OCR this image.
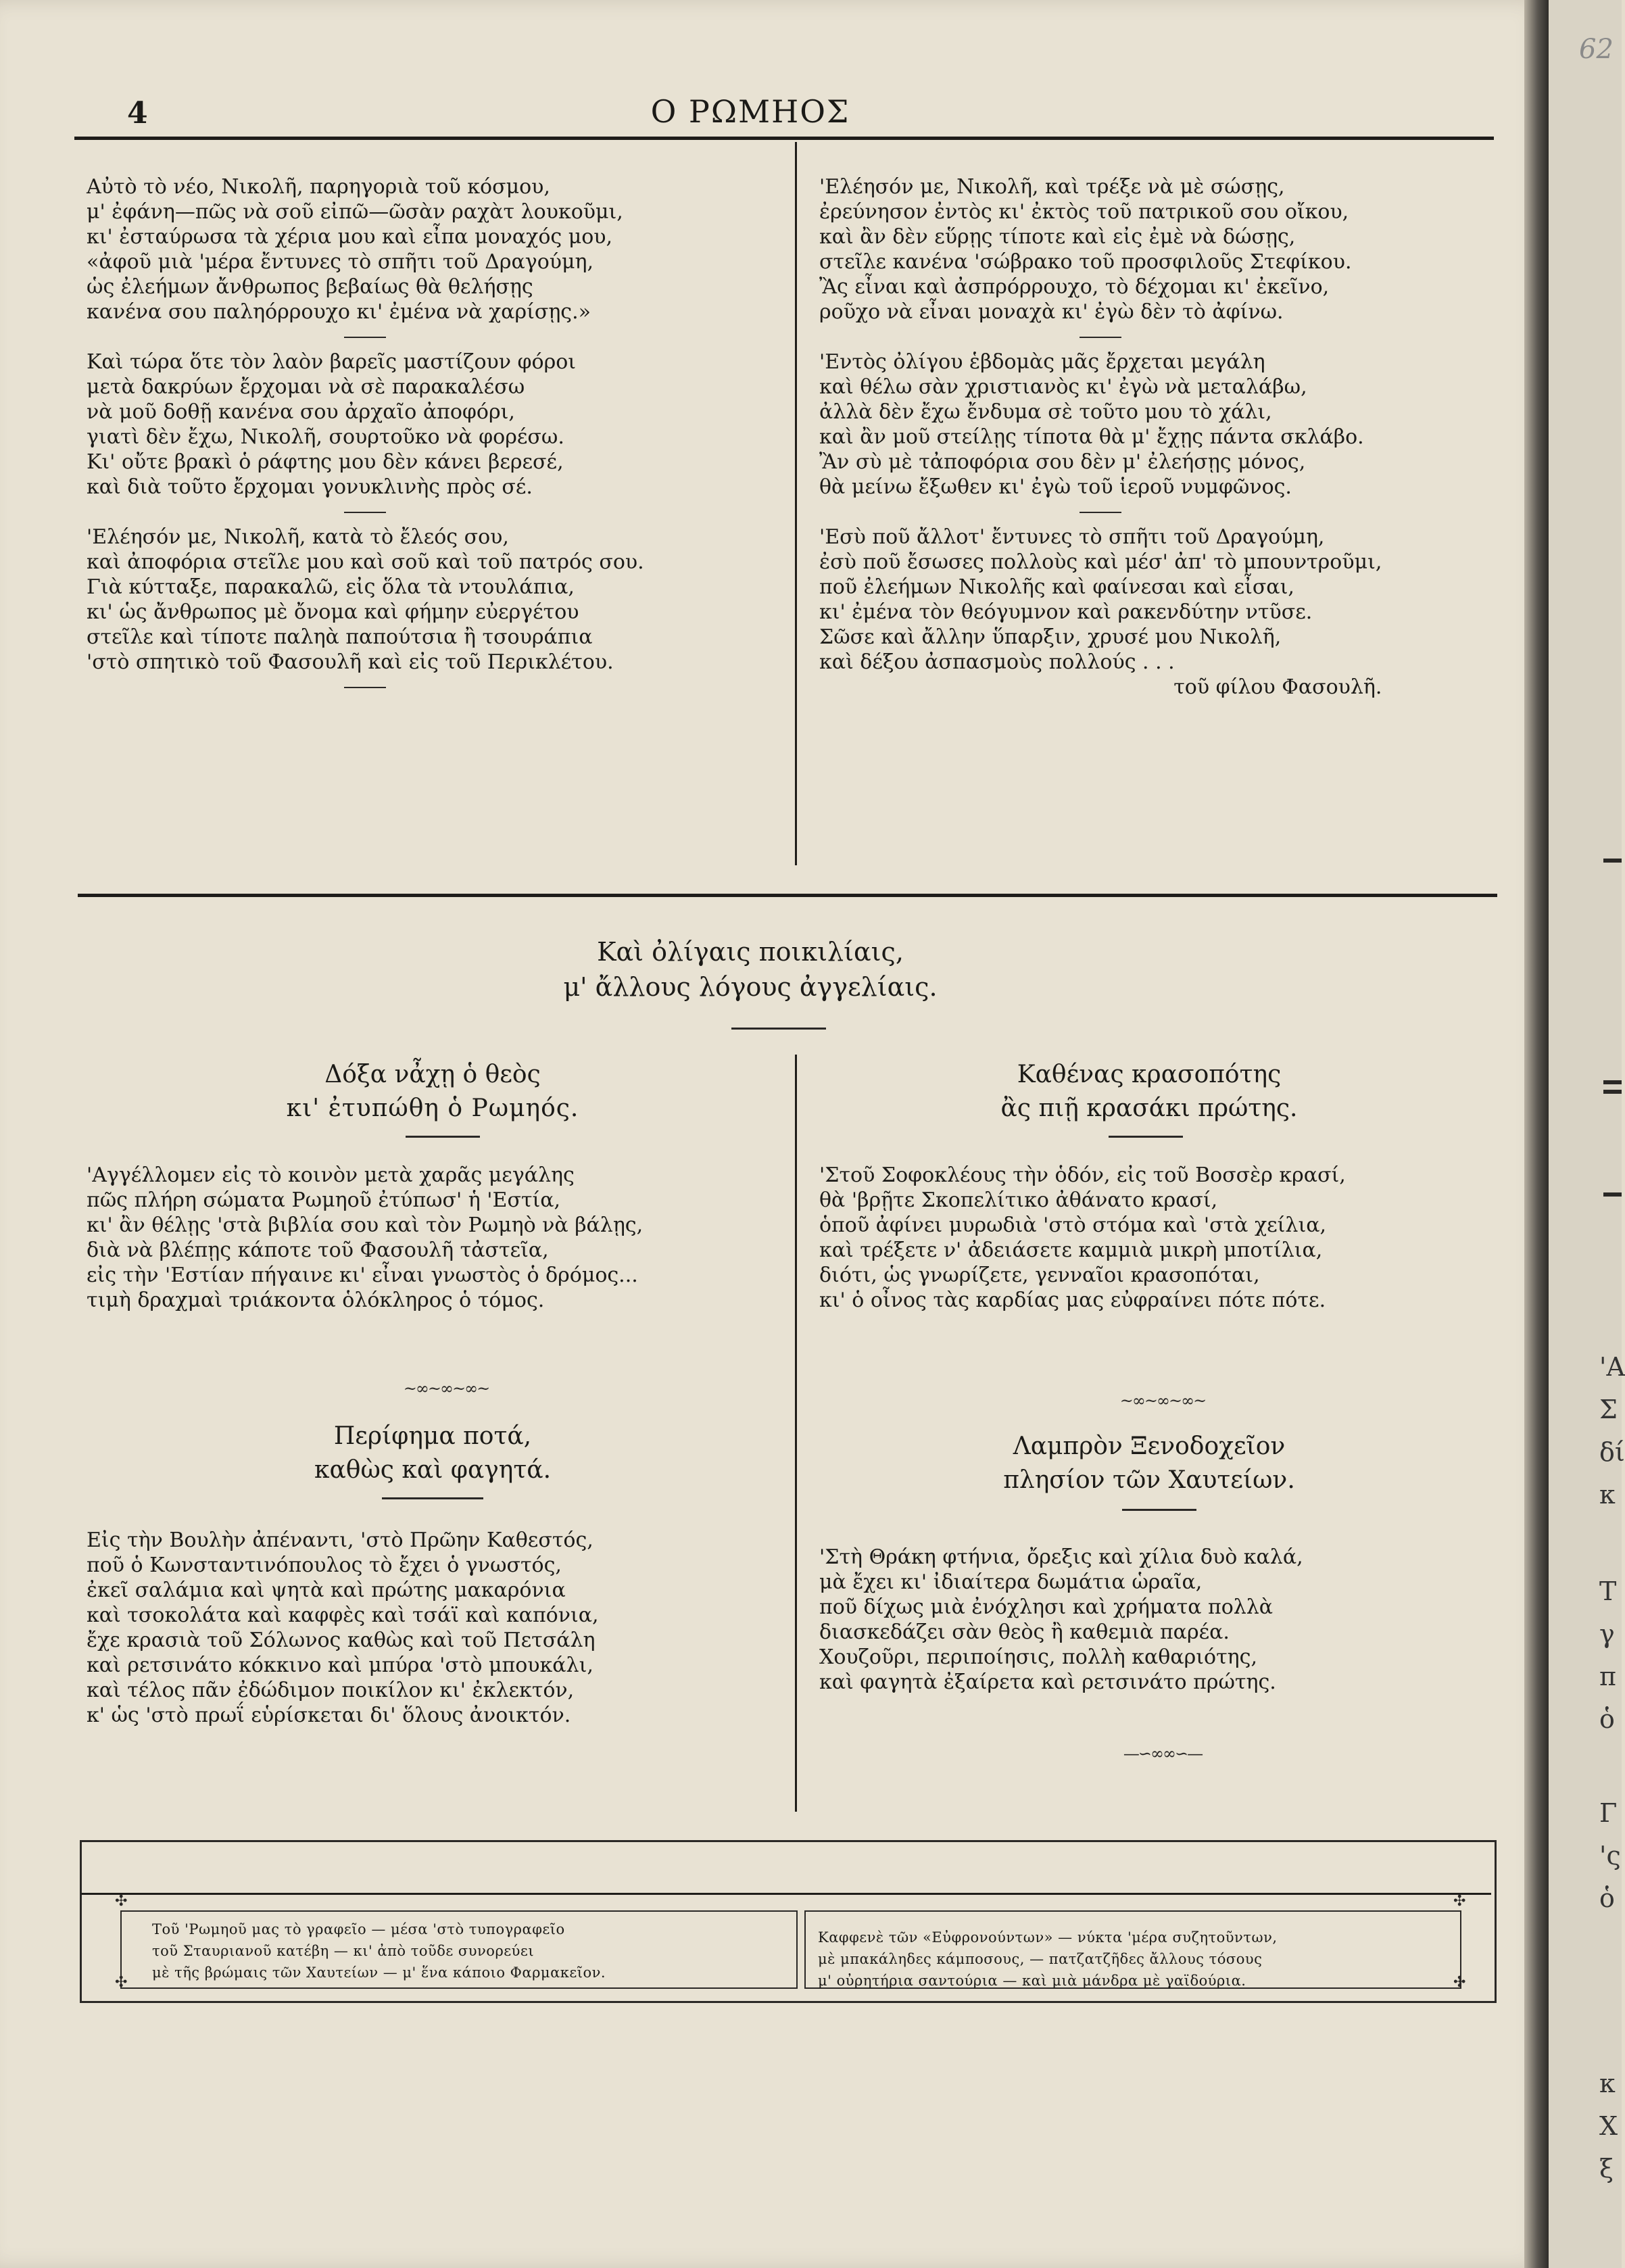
62
4	Ο ΡΩΜΗΟΣ
Αὐτὸ τὸ νέο, Νικολῆ, παρηγοριὰ τοῦ κόσμου,
μ' ἐφάνη—πῶς νὰ σοῦ εἰπῶ—ῶσὰν ραχὰτ λουκοῦμι,
κι' ἐσταύρωσα τὰ χέρια μου καὶ εἶπα μοναχός μου,
«ἀφοῦ μιὰ 'μέρα ἔντυνες τὸ σπῆτι τοῦ Δραγούμη,
ὡς ἐλεήμων ἄνθρωπος βεβαίως θὰ θελήσῃς
κανένα σου παληόρρουχο κι' ἐμένα νὰ χαρίσῃς.»
Καὶ τώρα ὅτε τὸν λαὸν βαρεῖς μαστίζουν φόροι
μετὰ δακρύων ἔρχομαι νὰ σὲ παρακαλέσω
νὰ μοῦ δοθῇ κανένα σου ἀρχαῖο ἀποφόρι,
γιατὶ δὲν ἔχω, Νικολῆ, σουρτοῦκο νὰ φορέσω.
Κι' οὔτε βρακὶ ὁ ράφτης μου δὲν κάνει βερεσέ,
καὶ διὰ τοῦτο ἔρχομαι γονυκλινὴς πρὸς σέ.
'Ελέησόν με, Νικολῆ, κατὰ τὸ ἔλεός σου,
καὶ ἀποφόρια στεῖλε μου καὶ σοῦ καὶ τοῦ πατρός σου.
Γιὰ κύτταξε, παρακαλῶ, εἰς ὅλα τὰ ντουλάπια,
κι' ὡς ἄνθρωπος μὲ ὄνομα καὶ φήμην εὐεργέτου
στεῖλε καὶ τίποτε παληὰ παπούτσια ἢ τσουράπια
'στὸ σπητικὸ τοῦ Φασουλῆ καὶ εἰς τοῦ Περικλέτου.
'Ελέησόν με, Νικολῆ, καὶ τρέξε νὰ μὲ σώσῃς,
ἐρεύνησον ἐντὸς κι' ἐκτὸς τοῦ πατρικοῦ σου οἴκου,
καὶ ἂν δὲν εὕρῃς τίποτε καὶ εἰς ἐμὲ νὰ δώσῃς,
στεῖλε κανένα 'σώβρακο τοῦ προσφιλοῦς Στεφίκου.
Ἂς εἶναι καὶ ἀσπρόρρουχο, τὸ δέχομαι κι' ἐκεῖνο,
ροῦχο νὰ εἶναι μοναχὰ κι' ἐγὼ δὲν τὸ ἀφίνω.
'Εντὸς ὀλίγου ἑβδομὰς μᾶς ἔρχεται μεγάλη
καὶ θέλω σὰν χριστιανὸς κι' ἐγὼ νὰ μεταλάβω,
ἀλλὰ δὲν ἔχω ἔνδυμα σὲ τοῦτο μου τὸ χάλι,
καὶ ἂν μοῦ στείλῃς τίποτα θὰ μ' ἔχῃς πάντα σκλάβο.
Ἂν σὺ μὲ τἀποφόρια σου δὲν μ' ἐλεήσῃς μόνος,
θὰ μείνω ἔξωθεν κι' ἐγὼ τοῦ ἱεροῦ νυμφῶνος.
'Εσὺ ποῦ ἄλλοτ' ἔντυνες τὸ σπῆτι τοῦ Δραγούμη,
ἐσὺ ποῦ ἔσωσες πολλοὺς καὶ μέσ' ἀπ' τὸ μπουντροῦμι,
ποῦ ἐλεήμων Νικολῆς καὶ φαίνεσαι καὶ εἶσαι,
κι' ἐμένα τὸν θεόγυμνον καὶ ρακενδύτην ντῦσε.
Σῶσε καὶ ἄλλην ὕπαρξιν, χρυσέ μου Νικολῆ,
καὶ δέξου ἀσπασμοὺς πολλούς . . .
τοῦ φίλου Φασουλῆ.
Καὶ ὀλίγαις ποικιλίαις,
μ' ἄλλους λόγους ἀγγελίαις.
Δόξα νἆχῃ ὁ θεὸς
κι' ἐτυπώθη ὁ Ρωμηός.
'Αγγέλλομεν εἰς τὸ κοινὸν μετὰ χαρᾶς μεγάλης
πῶς πλήρη σώματα Ρωμηοῦ ἐτύπωσ' ἡ 'Εστία,
κι' ἂν θέλῃς 'στὰ βιβλία σου καὶ τὸν Ρωμηὸ νὰ βάλῃς,
διὰ νὰ βλέπῃς κάποτε τοῦ Φασουλῆ τἀστεῖα,
εἰς τὴν 'Εστίαν πήγαινε κι' εἶναι γνωστὸς ὁ δρόμος...
τιμὴ δραχμαὶ τριάκοντα ὁλόκληρος ὁ τόμος.
~∞~∞~∞~
Περίφημα ποτά,
καθὼς καὶ φαγητά.
Εἰς τὴν Βουλὴν ἀπέναντι, 'στὸ Πρῶην Καθεστός,
ποῦ ὁ Κωνσταντινόπουλος τὸ ἔχει ὁ γνωστός,
ἐκεῖ σαλάμια καὶ ψητὰ καὶ πρώτης μακαρόνια
καὶ τσοκολάτα καὶ καφφὲς καὶ τσάϊ καὶ καπόνια,
ἔχε κρασιὰ τοῦ Σόλωνος καθὼς καὶ τοῦ Πετσάλη
καὶ ρετσινάτο κόκκινο καὶ μπύρα 'στὸ μπουκάλι,
καὶ τέλος πᾶν ἐδώδιμον ποικίλον κι' ἐκλεκτόν,
κ' ὡς 'στὸ πρωΐ εὑρίσκεται δι' ὅλους ἀνοικτόν.
Καθένας κρασοπότης
ἂς πιῇ κρασάκι πρώτης.
'Στοῦ Σοφοκλέους τὴν ὁδόν, εἰς τοῦ Βοσσὲρ κρασί,
θὰ 'βρῇτε Σκοπελίτικο ἀθάνατο κρασί,
ὁποῦ ἀφίνει μυρωδιὰ 'στὸ στόμα καὶ 'στὰ χείλια,
καὶ τρέξετε ν' ἀδειάσετε καμμιὰ μικρὴ μποτίλια,
διότι, ὡς γνωρίζετε, γενναῖοι κρασοπόται,
κι' ὁ οἶνος τὰς καρδίας μας εὐφραίνει πότε πότε.
~∞~∞~∞~
Λαμπρὸν Ξενοδοχεῖον
πλησίον τῶν Χαυτείων.
'Στὴ Θράκη φτήνια, ὄρεξις καὶ χίλια δυὸ καλά,
μὰ ἔχει κι' ἰδιαίτερα δωμάτια ὡραῖα,
ποῦ δίχως μιὰ ἐνόχλησι καὶ χρήματα πολλὰ
διασκεδάζει σὰν θεὸς ἢ καθεμιὰ παρέα.
Χουζοῦρι, περιποίησις, πολλὴ καθαριότης,
καὶ φαγητὰ ἐξαίρετα καὶ ρετσινάτο πρώτης.
—∽∞∞∽—
✣	✣
✣	✣
Τοῦ 'Ρωμηοῦ μας τὸ γραφεῖο — μέσα 'στὸ τυπογραφεῖο
τοῦ Σταυριανοῦ κατέβη — κι' ἀπὸ τοῦδε συνορεύει
μὲ τῆς βρώμαις τῶν Χαυτείων — μ' ἕνα κάποιο Φαρμακεῖον.
Καφφενὲ τῶν «Εὐφρονούντων» — νύκτα 'μέρα συζητοῦντων,
μὲ μπακάληδες κάμποσους, — πατζατζῆδες ἄλλους τόσους
μ' οὐρητήρια σαντούρια — καὶ μιὰ μάνδρα μὲ γαϊδούρια.
'Α
Σ
δί
κ
Τ
γ
π
ὁ
Γ
'ς
ὁ
κ
Χ
ξ
